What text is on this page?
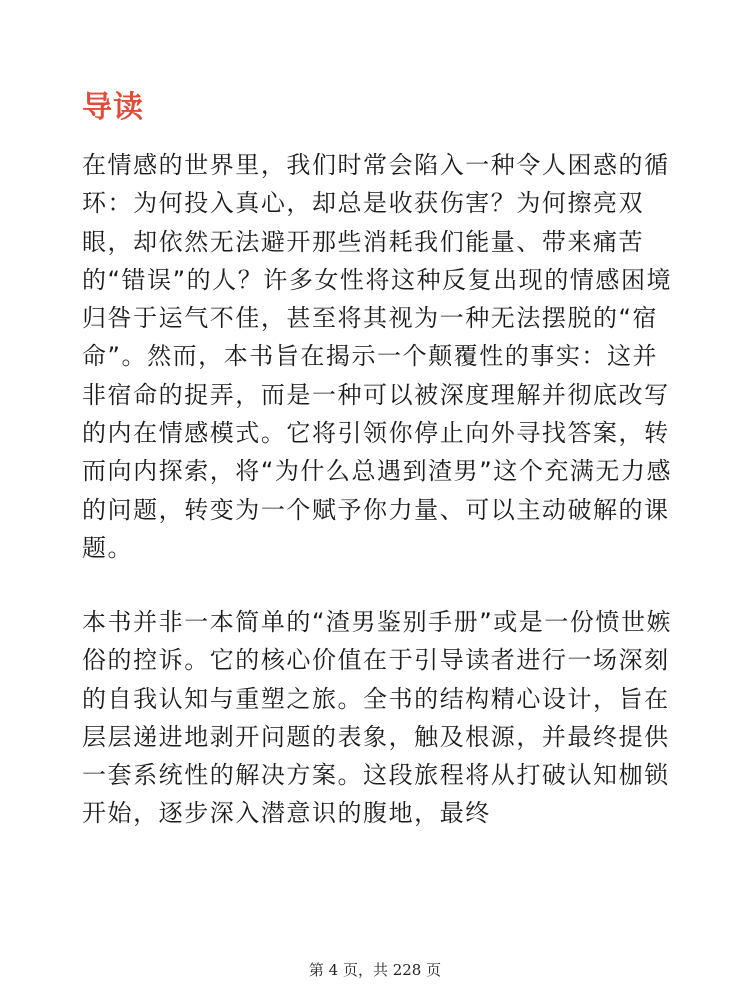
导读

在情感的世界里，我们时常会陷入一种令人困惑的循环：为何投入真心，却总是收获伤害？为何擦亮双眼，却依然无法避开那些消耗我们能量、带来痛苦的“错误”的人？许多女性将这种反复出现的情感困境归咎于运气不佳，甚至将其视为一种无法摆脱的“宿命”。然而，本书旨在揭示一个颠覆性的事实：这并非宿命的捉弄，而是一种可以被深度理解并彻底改写的内在情感模式。它将引领你停止向外寻找答案，转而向内探索，将“为什么总遇到渣男”这个充满无力感的问题，转变为一个赋予你力量、可以主动破解的课题。

本书并非一本简单的“渣男鉴别手册”或是一份愤世嫉俗的控诉。它的核心价值在于引导读者进行一场深刻的自我认知与重塑之旅。全书的结构精心设计，旨在层层递进地剥开问题的表象，触及根源，并最终提供一套系统性的解决方案。这段旅程将从打破认知枷锁开始，逐步深入潜意识的腹地，最终

第 4 页，共 228 页
